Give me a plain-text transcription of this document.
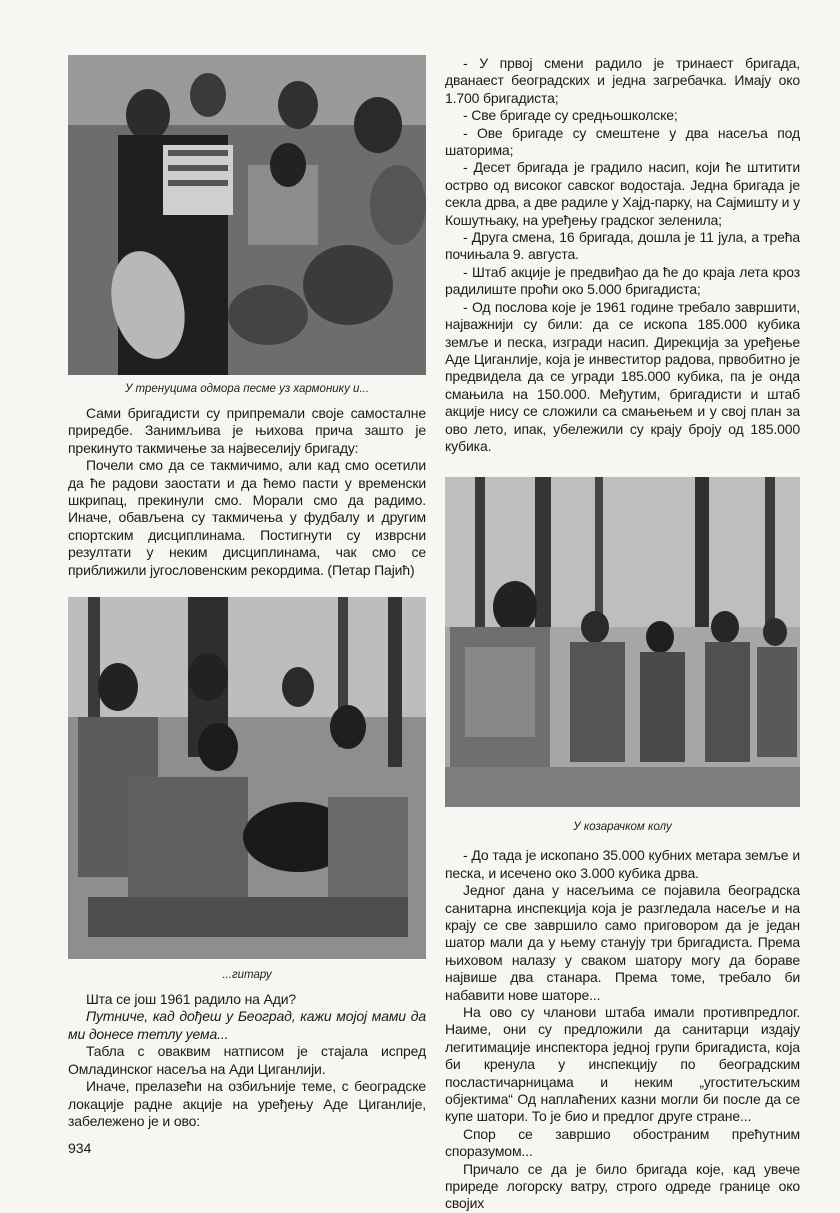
У тренуцима одмора песме уз хармонику и...

Сами бригадисти су припремали своје самосталне приредбе. Занимљива је њихова прича зашто је прекинуто такмичење за највеселију бригаду:

Почели смо да се такмичимо, али кад смо осетили да ће радови заостати и да ћемо пасти у временски шкрипац, прекинули смо. Морали смо да радимо. Иначе, обављена су такмичења у фудбалу и другим спортским дисциплинама. Постигнути су изврсни резултати у неким дисциплинама, чак смо се приближили југословенским рекордима. (Петар Пајић)

...гитару

Шта се још 1961 радило на Ади?

Путниче, кад дођеш у Београд, кажи мојој мами да ми донесе тетлу уема...

Табла с оваквим натписом је стајала испред Омладинског насеља на Ади Циганлији.

Иначе, прелазећи на озбиљније теме, с београдске локације радне акције на уређењу Аде Циганлије, забележено је и ово:

- У првој смени радило је тринаест бригада, дванаест београдских и једна загребачка. Имају око 1.700 бригадиста;

- Све бригаде су средњошколске;

- Ове бригаде су смештене у два насеља под шаторима;

- Десет бригада је градило насип, који ће штитити острво од високог савског водостаја. Једна бригада је секла дрва, а две радиле у Хајд-парку, на Сајмишту и у Кошутњаку, на уређењу градског зеленила;

- Друга смена, 16 бригада, дошла је 11 јула, а трећа почињала 9. августа.

- Штаб акције је предвиђао да ће до краја лета кроз радилиште проћи око 5.000 бригадиста;

- Од послова које је 1961 године требало завршити, најважнији су били: да се ископа 185.000 кубика земље и песка, изгради насип. Дирекција за уређење Аде Циганлије, која је инвеститор радова, првобитно је предвидела да се угради 185.000 кубика, па је онда смањила на 150.000. Међутим, бригадисти и штаб акције нису се сложили са смањењем и у свој план за ово лето, ипак, убележили су крају броју од 185.000 кубика.

У козарачком колу

- До тада је ископано 35.000 кубних метара земље и песка, и исечено око 3.000 кубика дрва.

Једног дана у насељима се појавила београдска санитарна инспекција која је разгледала насеље и на крају се све завршило само приговором да је један шатор мали да у њему станују три бригадиста. Према њиховом налазу у сваком шатору могу да бораве највише два станара. Према томе, требало би набавити нове шаторе...

На ово су чланови штаба имали противпредлог. Наиме, они су предложили да санитарци издају легитимације инспектора једној групи бригадиста, која би кренула у инспекцију по београдским посластичарницама и неким „угоститељским објектима“ Од наплаћених казни могли би после да се купе шатори. То је био и предлог друге стране...

Спор се завршио обостраним прећутним споразумом...

Причало се да је било бригада које, кад увече приреде логорску ватру, строго одреде границе око својих

934
